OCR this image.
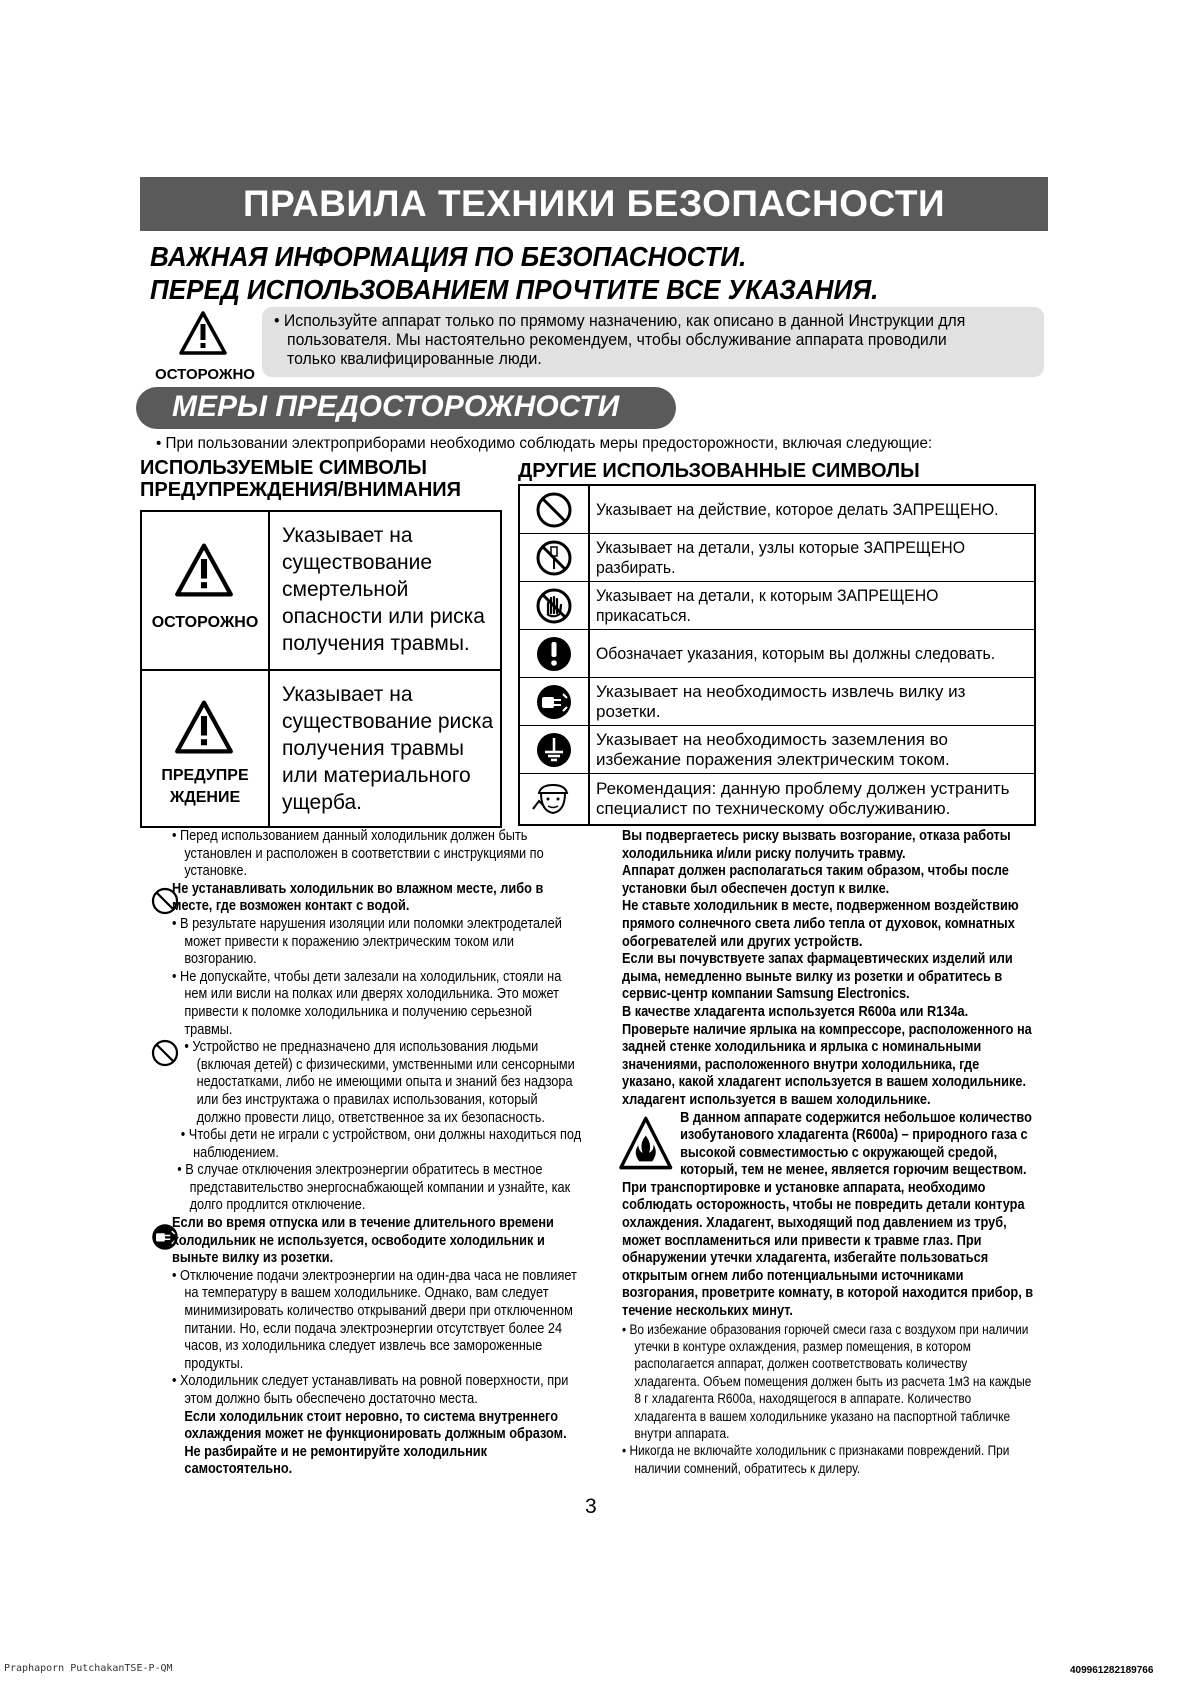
ПРАВИЛА ТЕХНИКИ БЕЗОПАСНОСТИ
ВАЖНАЯ ИНФОРМАЦИЯ ПО БЕЗОПАСНОСТИ.
ПЕРЕД ИСПОЛЬЗОВАНИЕМ ПРОЧТИТЕ ВСЕ УКАЗАНИЯ.
ОСТОРОЖНО

• Используйте аппарат только по прямому назначению, как описано в данной Инструкции для пользователя. Мы настоятельно рекомендуем, чтобы обслуживание аппарата проводили только квалифицированные люди.

МЕРЫ ПРЕДОСТОРОЖНОСТИ
• При пользовании электроприборами необходимо соблюдать меры предосторожности, включая следующие:
ИСПОЛЬЗУЕМЫЕ СИМВОЛЫ
ПРЕДУПРЕЖДЕНИЯ/ВНИМАНИЯ
ДРУГИЕ ИСПОЛЬЗОВАННЫЕ СИМВОЛЫ
ОСТОРОЖНО
Указывает на существование смертельной опасности или риска получения травмы.
ПРЕДУПРЕ
ЖДЕНИЕ
Указывает на существование риска получения травмы или материального ущерба.
Указывает на действие, которое делать ЗАПРЕЩЕНО.
Указывает на детали, узлы которые ЗАПРЕЩЕНО разбирать.
Указывает на детали, к которым ЗАПРЕЩЕНО прикасаться.
Обозначает указания, которым вы должны следовать.
Указывает на необходимость извлечь вилку из розетки.
Указывает на необходимость заземления во избежание поражения электрическим током.
Рекомендация: данную проблему должен устранить специалист по техническому обслуживанию.

• Перед использованием данный холодильник должен быть установлен и расположен в соответствии с инструкциями по установке.

Не устанавливать холодильник во влажном месте, либо в месте, где возможен контакт с водой.

• В результате нарушения изоляции или поломки электродеталей может привести к поражению электрическим током или возгоранию.

• Не допускайте, чтобы дети залезали на холодильник, стояли на нем или висли на полках или дверях холодильника. Это может привести к поломке холодильника и получению серьезной травмы.

• Устройство не предназначено для использования людьми (включая детей) с физическими, умственными или сенсорными недостатками, либо не имеющими опыта и знаний без надзора или без инструктажа о правилах использования, который должно провести лицо, ответственное за их безопасность.

• Чтобы дети не играли с устройством, они должны находиться под наблюдением.

• В случае отключения электроэнергии обратитесь в местное представительство энергоснабжающей компании и узнайте, как долго продлится отключение.

Если во время отпуска или в течение длительного времени холодильник не используется, освободите холодильник и выньте вилку из розетки.

• Отключение подачи электроэнергии на один-два часа не повлияет на температуру в вашем холодильнике. Однако, вам следует минимизировать количество открываний двери при отключенном питании. Но, если подача электроэнергии отсутствует более 24 часов, из холодильника следует извлечь все замороженные продукты.

• Холодильник следует устанавливать на ровной поверхности, при этом должно быть обеспечено достаточно места.

Если холодильник стоит неровно, то система внутреннего охлаждения может не функционировать должным образом. Не разбирайте и не ремонтируйте холодильник самостоятельно.

Вы подвергаетесь риску вызвать возгорание, отказа работы холодильника и/или риску получить травму.

Аппарат должен располагаться таким образом, чтобы после установки был обеспечен доступ к вилке.

Не ставьте холодильник в месте, подверженном воздействию прямого солнечного света либо тепла от духовок, комнатных обогревателей или других устройств.

Если вы почувствуете запах фармацевтических изделий или дыма, немедленно выньте вилку из розетки и обратитесь в сервис-центр компании Samsung Electronics.

В качестве хладагента используется R600a или R134a. Проверьте наличие ярлыка на компрессоре, расположенного на задней стенке холодильника и ярлыка с номинальными значениями, расположенного внутри холодильника, где указано, какой хладагент используется в вашем холодильнике.

хладагент используется в вашем холодильнике.

В данном аппарате содержится небольшое количество изобутанового хладагента (R600a) – природного газа с высокой совместимостью с окружающей средой, который, тем не менее, является горючим веществом.

При транспортировке и установке аппарата, необходимо соблюдать осторожность, чтобы не повредить детали контура охлаждения. Хладагент, выходящий под давлением из труб, может воспламениться или привести к травме глаз. При обнаружении утечки хладагента, избегайте пользоваться открытым огнем либо потенциальными источниками возгорания, проветрите комнату, в которой находится прибор, в течение нескольких минут.

• Во избежание образования горючей смеси газа с воздухом при наличии утечки в контуре охлаждения, размер помещения, в котором располагается аппарат, должен соответствовать количеству хладагента. Объем помещения должен быть из расчета 1м3 на каждые 8 г хладагента R600a, находящегося в аппарате. Количество хладагента в вашем холодильнике указано на паспортной табличке внутри аппарата.

• Никогда не включайте холодильник с признаками повреждений. При наличии сомнений, обратитесь к дилеру.

3
Praphaporn PutchakanTSE-P-QM	409961282189766
